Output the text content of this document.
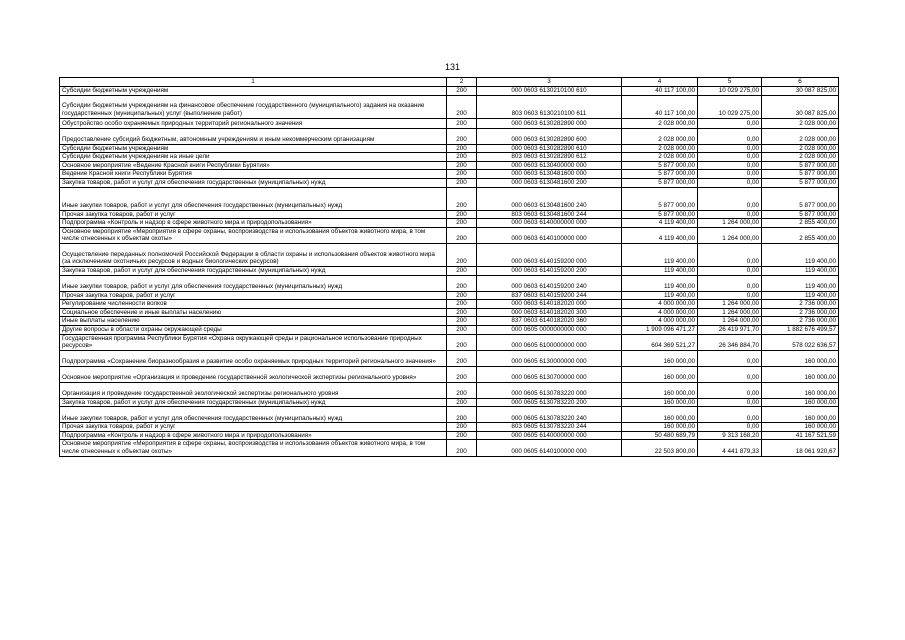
131
1	2	3	4	5	6
Субсидии бюджетным учреждениям	200	000 0603 6130210100 610	40 117 100,00	10 029 275,00	30 087 825,00
Субсидии бюджетным учреждениям на финансовое обеспечение государственного (муниципального) задания на оказание государственных (муниципальных) услуг (выполнение работ)	200	803 0603 6130210100 611	40 117 100,00	10 029 275,00	30 087 825,00
Обустройство особо охраняемых природных территорий регионального значения	200	000 0603 6130282890 000	2 028 000,00	0,00	2 028 000,00
Предоставление субсидий бюджетным, автономным учреждениям и иным некоммерческим организациям	200	000 0603 6130282890 600	2 028 000,00	0,00	2 028 000,00
Субсидии бюджетным учреждениям	200	000 0603 6130282890 610	2 028 000,00	0,00	2 028 000,00
Субсидии бюджетным учреждениям на иные цели	200	803 0603 6130282890 612	2 028 000,00	0,00	2 028 000,00
Основное мероприятие «Ведение Красной книги Республики Бурятия»	200	000 0603 6130400000 000	5 877 000,00	0,00	5 877 000,00
Ведение Красной книги Республики Бурятия	200	000 0603 6130481600 000	5 877 000,00	0,00	5 877 000,00
Закупка товаров, работ и услуг для обеспечения государственных (муниципальных) нужд	200	000 0603 6130481600 200	5 877 000,00	0,00	5 877 000,00
Иные закупки товаров, работ и услуг для обеспечения государственных (муниципальных) нужд	200	000 0603 6130481600 240	5 877 000,00	0,00	5 877 000,00
Прочая закупка товаров, работ и услуг	200	803 0603 6130481600 244	5 877 000,00	0,00	5 877 000,00
Подпрограмма «Контроль и надзор в сфере животного мира и природопользования»	200	000 0603 6140000000 000	4 119 400,00	1 264 000,00	2 855 400,00
Основное мероприятие «Мероприятия в сфере охраны, воспроизводства и использования объектов животного мира, в том числе отнесенных к объектам охоты»	200	000 0603 6140100000 000	4 119 400,00	1 264 000,00	2 855 400,00
Осуществление переданных полномочий Российской Федерации в области охраны и использования объектов животного мира (за исключением охотничьих ресурсов и водных биологических ресурсов)	200	000 0603 6140159200 000	119 400,00	0,00	119 400,00
Закупка товаров, работ и услуг для обеспечения государственных (муниципальных) нужд	200	000 0603 6140159200 200	119 400,00	0,00	119 400,00
Иные закупки товаров, работ и услуг для обеспечения государственных (муниципальных) нужд	200	000 0603 6140159200 240	119 400,00	0,00	119 400,00
Прочая закупка товаров, работ и услуг	200	837 0603 6140159200 244	119 400,00	0,00	119 400,00
Регулирование численности волков	200	000 0603 6140182020 000	4 000 000,00	1 264 000,00	2 736 000,00
Социальное обеспечение и иные выплаты населению	200	000 0603 6140182020 300	4 000 000,00	1 264 000,00	2 736 000,00
Иные выплаты населению	200	837 0603 6140182020 360	4 000 000,00	1 264 000,00	2 736 000,00
Другие вопросы в области охраны окружающей среды	200	000 0605 0000000000 000	1 909 096 471,27	26 419 971,70	1 882 676 499,57
Государственная программа Республики Бурятия «Охрана окружающей среды и рациональное использование природных ресурсов»	200	000 0605 6100000000 000	604 369 521,27	26 346 884,70	578 022 636,57
Подпрограмма «Сохранение биоразнообразия и развитие особо охраняемых природных территорий регионального значения»	200	000 0605 6130000000 000	160 000,00	0,00	160 000,00
Основное мероприятие «Организация и проведение государственной экологической экспертизы регионального уровня»	200	000 0605 6130700000 000	160 000,00	0,00	160 000,00
Организация и проведение государственной экологической экспертизы регионального уровня	200	000 0605 6130783220 000	160 000,00	0,00	160 000,00
Закупка товаров, работ и услуг для обеспечения государственных (муниципальных) нужд	200	000 0605 6130783220 200	160 000,00	0,00	160 000,00
Иные закупки товаров, работ и услуг для обеспечения государственных (муниципальных) нужд	200	000 0605 6130783220 240	160 000,00	0,00	160 000,00
Прочая закупка товаров, работ и услуг	200	803 0605 6130783220 244	160 000,00	0,00	160 000,00
Подпрограмма «Контроль и надзор в сфере животного мира и природопользования»	200	000 0605 6140000000 000	50 480 689,79	9 313 168,20	41 167 521,59
Основное мероприятие «Мероприятия в сфере охраны, воспроизводства и использования объектов животного мира, в том числе отнесенных к объектам охоты»	200	000 0605 6140100000 000	22 503 800,00	4 441 879,33	18 061 920,67
